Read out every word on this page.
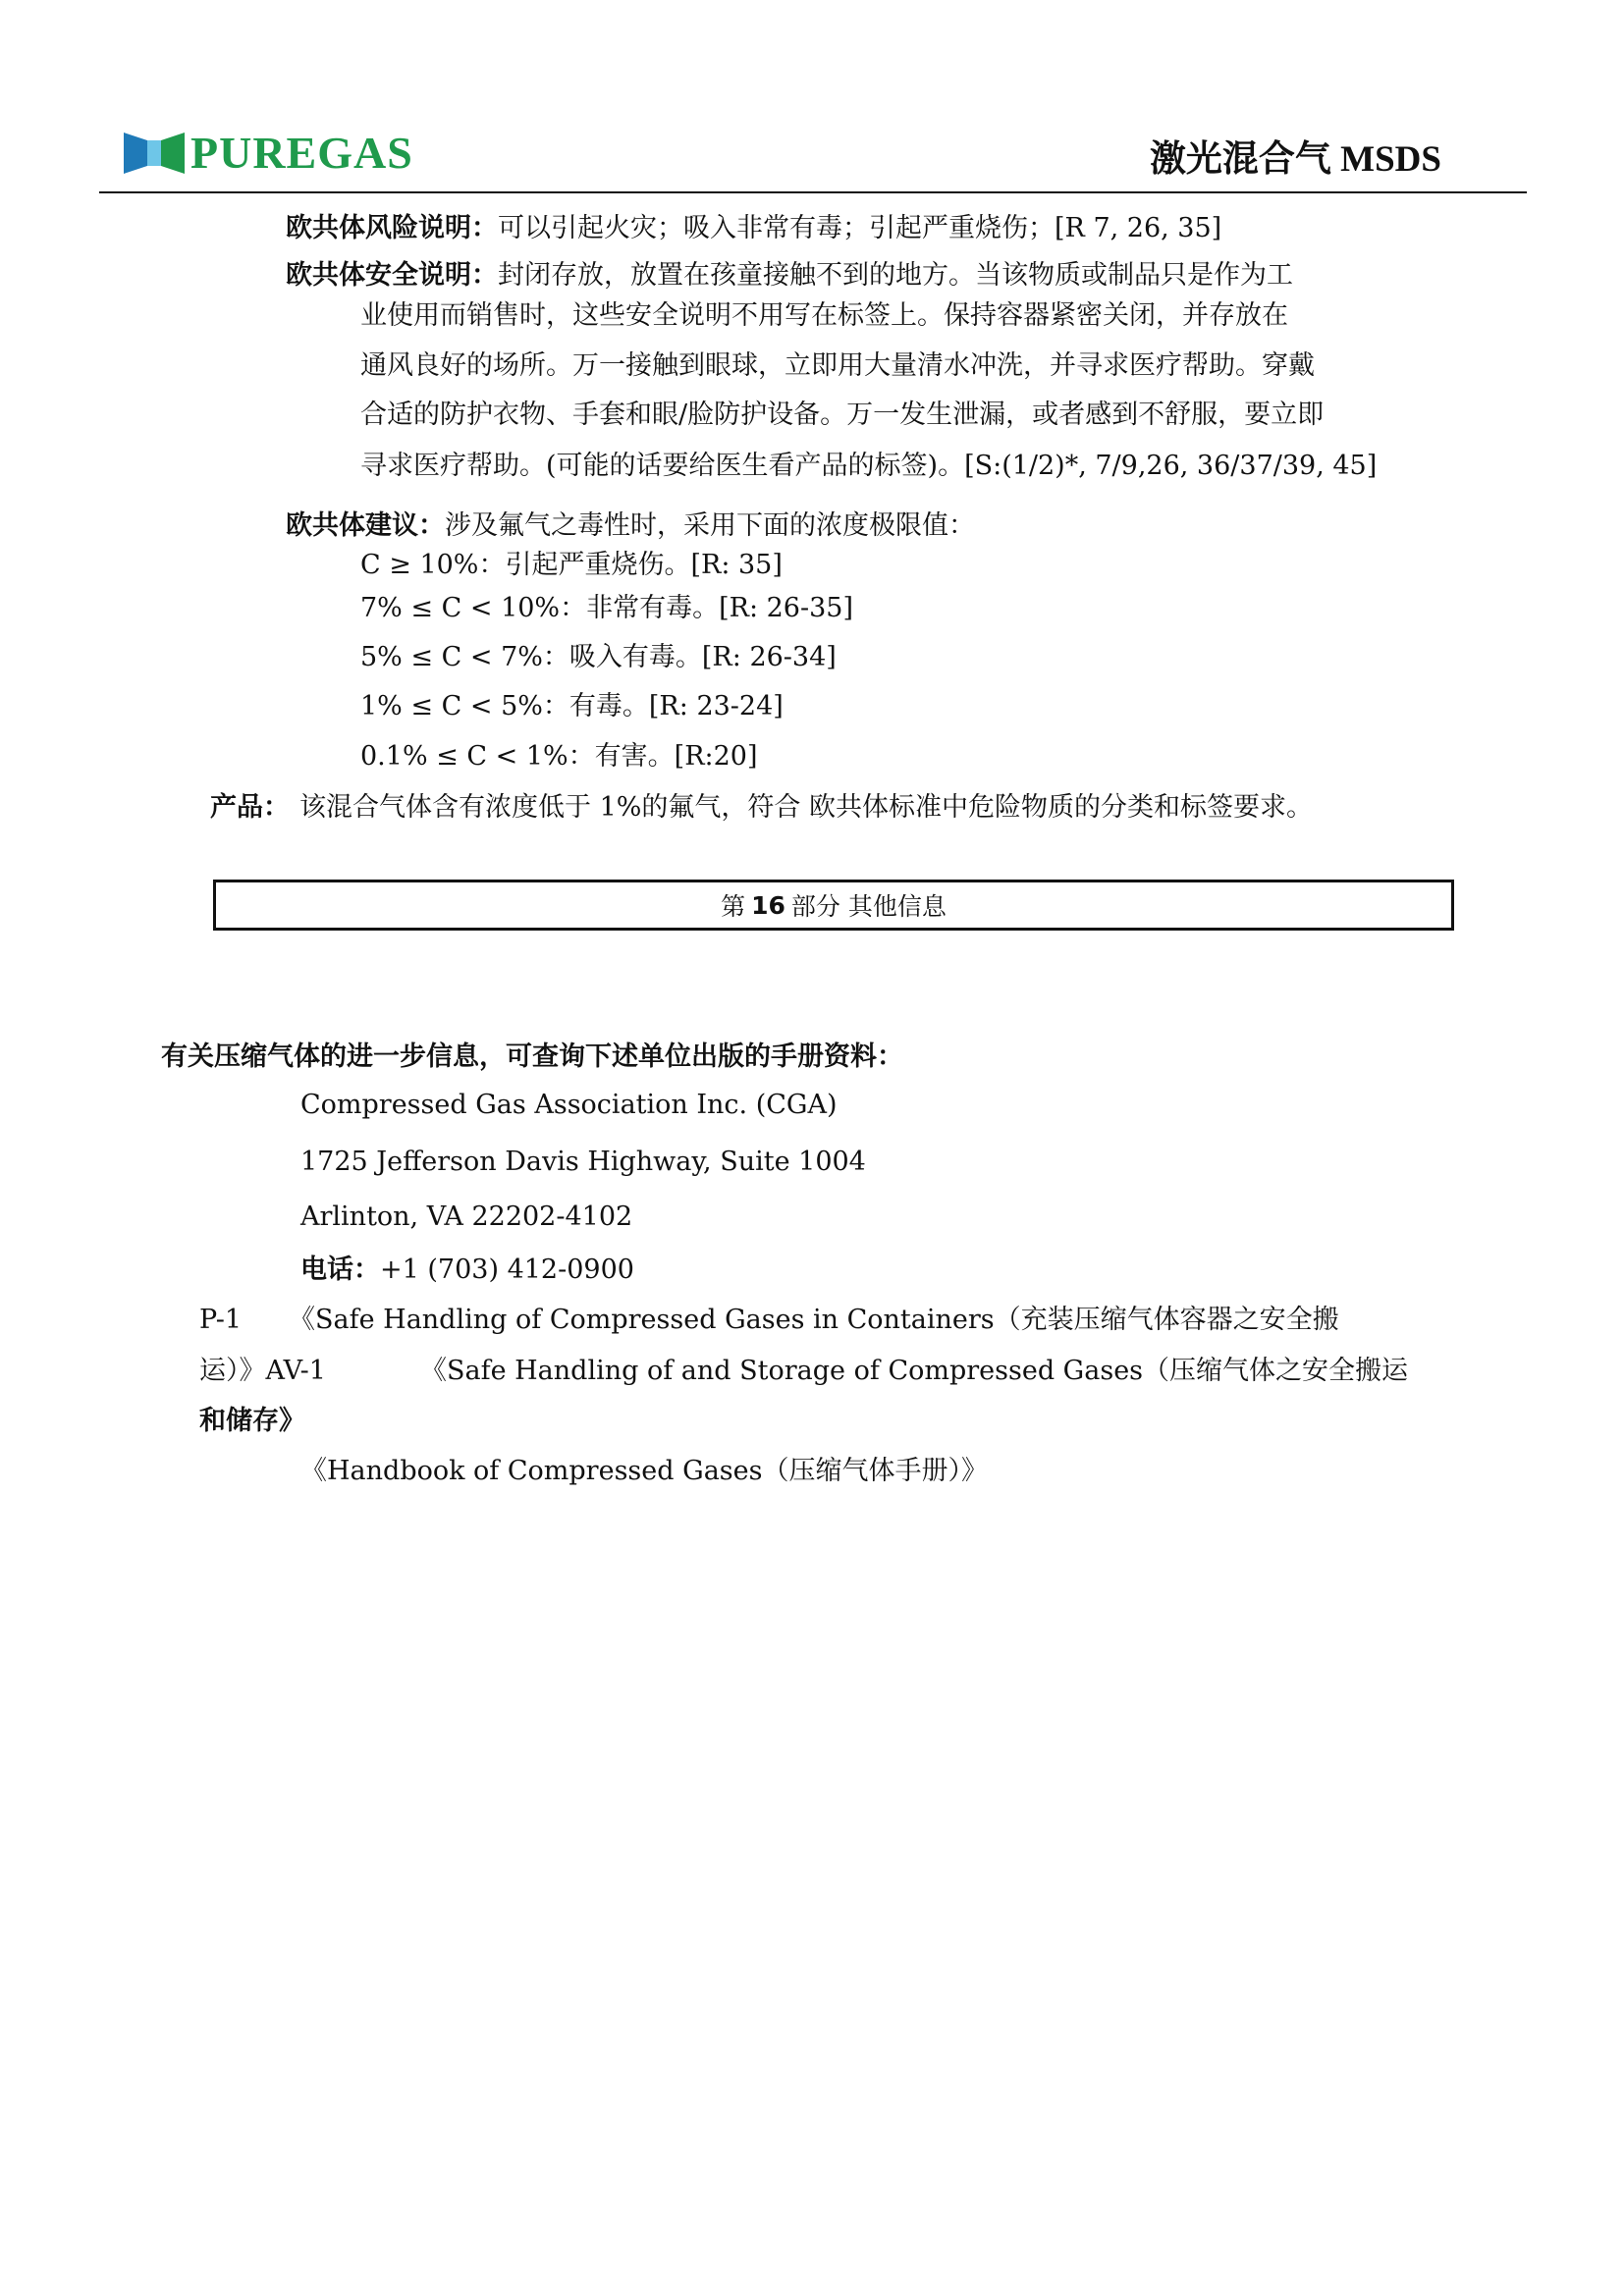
PUREGAS	激光混合气 MSDS
欧共体风险说明：可以引起火灾；吸入非常有毒；引起严重烧伤；[R 7, 26, 35]
欧共体安全说明：封闭存放，放置在孩童接触不到的地方。当该物质或制品只是作为工
业使用而销售时，这些安全说明不用写在标签上。保持容器紧密关闭，并存放在
通风良好的场所。万一接触到眼球，立即用大量清水冲洗，并寻求医疗帮助。穿戴
合适的防护衣物、手套和眼/脸防护设备。万一发生泄漏，或者感到不舒服，要立即
寻求医疗帮助。(可能的话要给医生看产品的标签)。[S:(1/2)*, 7/9,26, 36/37/39, 45]
欧共体建议：涉及氟气之毒性时，采用下面的浓度极限值：
C ≥ 10%：引起严重烧伤。[R: 35]
7% ≤ C < 10%：非常有毒。[R: 26-35]
5% ≤ C < 7%：吸入有毒。[R: 26-34]
1% ≤ C < 5%：有毒。[R: 23-24]
0.1% ≤ C < 1%：有害。[R:20]
产品： 该混合气体含有浓度低于 1%的氟气，符合 欧共体标准中危险物质的分类和标签要求。
第 16 部分 其他信息
有关压缩气体的进一步信息，可查询下述单位出版的手册资料：
Compressed Gas Association Inc. (CGA)
1725 Jefferson Davis Highway, Suite 1004
Arlinton, VA 22202-4102
电话：+1 (703) 412-0900
P-1 《Safe Handling of Compressed Gases in Containers（充装压缩气体容器之安全搬
运）》AV-1	《Safe Handling of and Storage of Compressed Gases（压缩气体之安全搬运
和储存》
《Handbook of Compressed Gases（压缩气体手册）》
